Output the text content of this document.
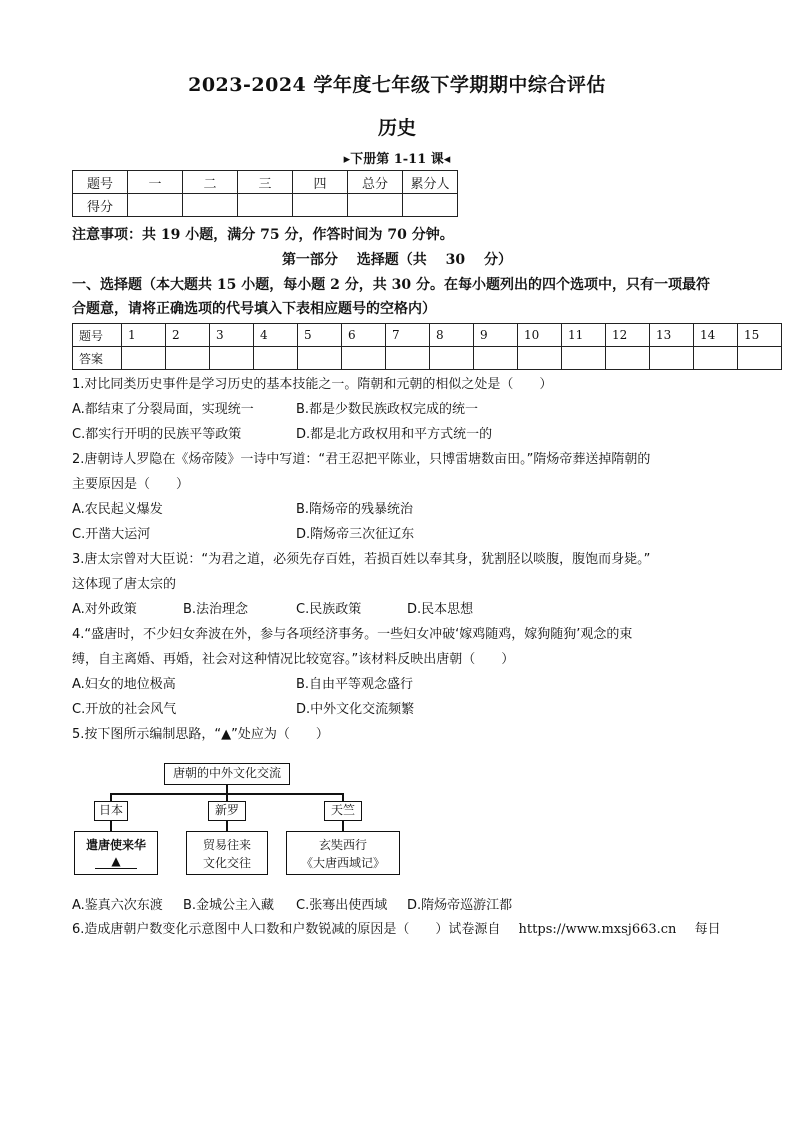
2023-2024 学年度七年级下学期期中综合评估
历史
▸下册第 1-11 课◂
题号	一	二	三	四	总分	累分人
得分						
注意事项：共 19 小题，满分 75 分，作答时间为 70 分钟。
第一部分 选择题（共 30 分）
一、选择题（本大题共 15 小题，每小题 2 分，共 30 分。在每小题列出的四个选项中，只有一项最符合题意，请将正确选项的代号填入下表相应题号的空格内）
题号	1	2	3	4	5	6	7	8	9	10	11	12	13	14	15
答案															
1.对比同类历史事件是学习历史的基本技能之一。隋朝和元朝的相似之处是（　　）
A.都结束了分裂局面，实现统一	B.都是少数民族政权完成的统一
C.都实行开明的民族平等政策	D.都是北方政权用和平方式统一的
2.唐朝诗人罗隐在《炀帝陵》一诗中写道：“君王忍把平陈业，只博雷塘数亩田。”隋炀帝葬送掉隋朝的
主要原因是（　　）
A.农民起义爆发	B.隋炀帝的残暴统治
C.开凿大运河	D.隋炀帝三次征辽东
3.唐太宗曾对大臣说：“为君之道，必须先存百姓，若损百姓以奉其身，犹割胫以啖腹，腹饱而身毙。”
这体现了唐太宗的
A.对外政策	B.法治理念	C.民族政策	D.民本思想
4.“盛唐时，不少妇女奔波在外，参与各项经济事务。一些妇女冲破‘嫁鸡随鸡，嫁狗随狗’观念的束
缚，自主离婚、再婚，社会对这种情况比较宽容。”该材料反映出唐朝（　　）
A.妇女的地位极高	B.自由平等观念盛行
C.开放的社会风气	D.中外文化交流频繁
5.按下图所示编制思路，“▲”处应为（　　）
唐朝的中外文化交流
日本	新罗	天竺
遣唐使来华
▲
贸易往来
文化交往
玄奘西行
《大唐西域记》
A.鉴真六次东渡 B.金城公主入藏 C.张骞出使西域 D.隋炀帝巡游江都
6.造成唐朝户数变化示意图中人口数和户数锐减的原因是（　　）试卷源自 https://www.mxsj663.cn 每日
